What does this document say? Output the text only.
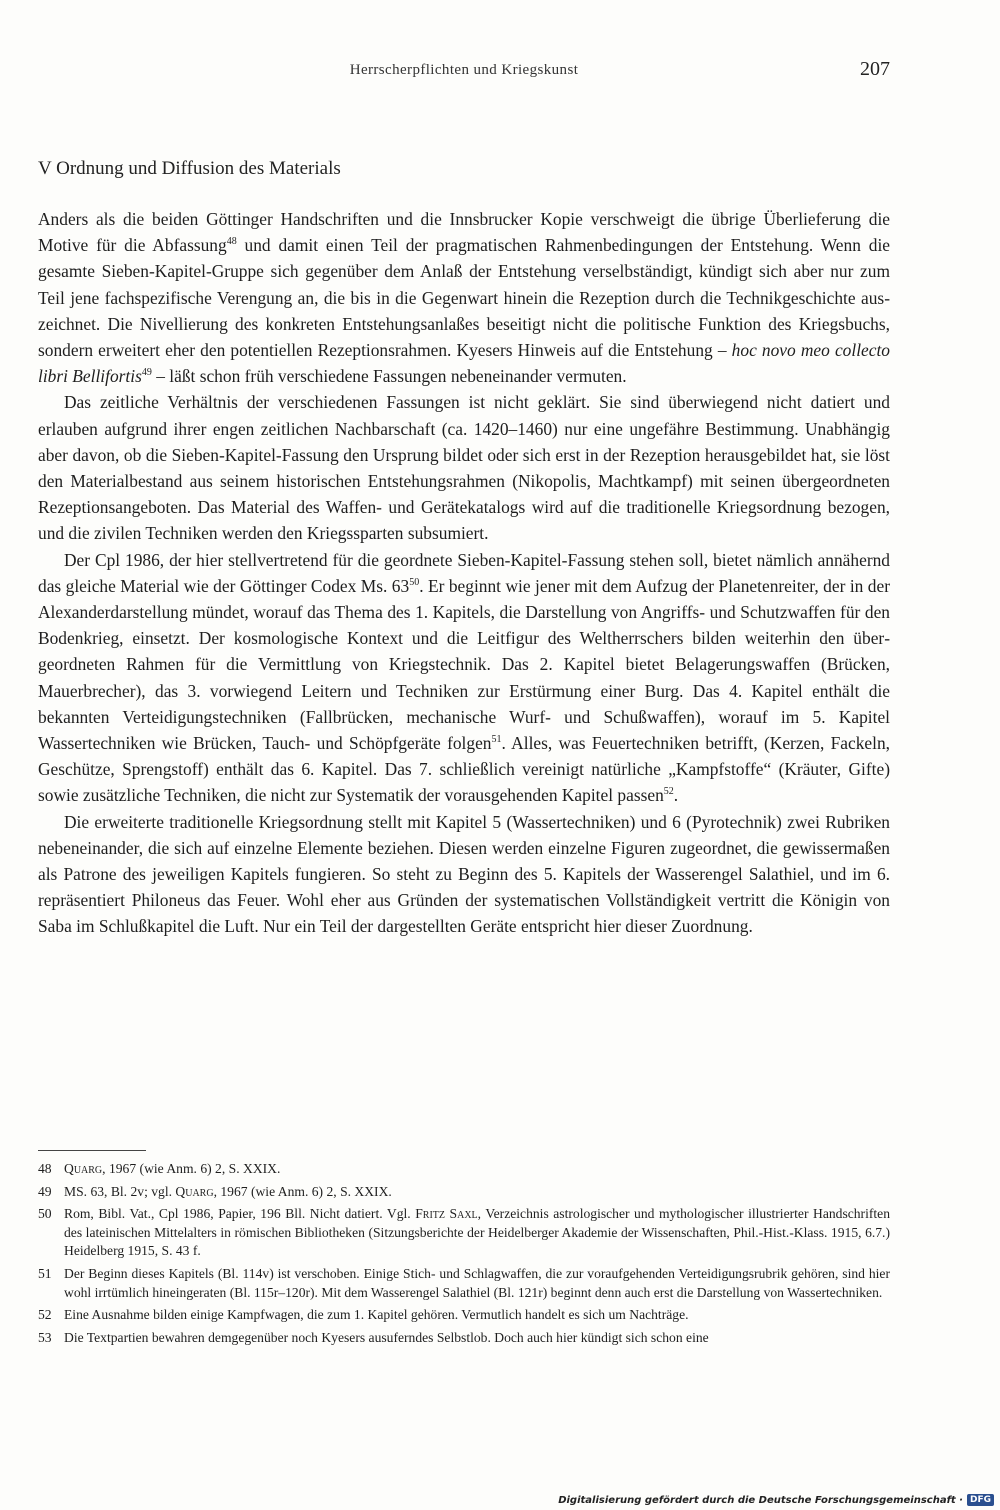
Herrscherpflichten und Kriegskunst	207
V Ordnung und Diffusion des Materials

Anders als die beiden Göttinger Handschriften und die Innsbrucker Kopie verschweigt die übrige Überlieferung die Motive für die Abfassung$^{48}$ und damit einen Teil der pragmatischen Rahmenbedingungen der Entstehung. Wenn die gesamte Sieben-Kapitel-Gruppe sich gegenüber dem Anlaß der Entstehung verselbständigt, kündigt sich aber nur zum Teil jene fachspezifische Verengung an, die bis in die Gegenwart hinein die Rezeption durch die Technikgeschichte auszeichnet. Die Nivellierung des konkreten Entstehungsanlaßes beseitigt nicht die politische Funktion des Kriegsbuchs, sondern erweitert eher den potentiellen Rezeptionsrahmen. Kyesers Hinweis auf die Entstehung – hoc novo meo collecto libri Bellifortis$^{49}$ – läßt schon früh verschiedene Fassungen nebeneinander vermuten.

Das zeitliche Verhältnis der verschiedenen Fassungen ist nicht geklärt. Sie sind überwiegend nicht datiert und erlauben aufgrund ihrer engen zeitlichen Nachbarschaft (ca. 1420–1460) nur eine ungefähre Bestimmung. Unabhängig aber davon, ob die Sieben-Kapitel-Fassung den Ursprung bildet oder sich erst in der Rezeption herausgebildet hat, sie löst den Materialbestand aus seinem historischen Entstehungsrahmen (Nikopolis, Machtkampf) mit seinen übergeordneten Rezeptionsangeboten. Das Material des Waffen- und Gerätekatalogs wird auf die traditionelle Kriegsordnung bezogen, und die zivilen Techniken werden den Kriegssparten subsumiert.

Der Cpl 1986, der hier stellvertretend für die geordnete Sieben-Kapitel-Fassung stehen soll, bietet nämlich annähernd das gleiche Material wie der Göttinger Codex Ms. $63^{50}$. Er beginnt wie jener mit dem Aufzug der Planetenreiter, der in der Alexanderdarstellung mündet, worauf das Thema des 1. Kapitels, die Darstellung von Angriffs- und Schutzwaffen für den Bodenkrieg, einsetzt. Der kosmologische Kontext und die Leitfigur des Weltherrschers bilden weiterhin den übergeordneten Rahmen für die Vermittlung von Kriegstechnik. Das 2. Kapitel bietet Belagerungswaffen (Brücken, Mauerbrecher), das 3. vorwiegend Leitern und Techniken zur Erstürmung einer Burg. Das 4. Kapitel enthält die bekannten Verteidigungstechniken (Fallbrücken, mechanische Wurf- und Schußwaffen), worauf im 5. Kapitel Wassertechniken wie Brücken, Tauch- und Schöpfgeräte folgen$^{51}$. Alles, was Feuertechniken betrifft, (Kerzen, Fackeln, Geschütze, Sprengstoff) enthält das 6. Kapitel. Das 7. schließlich vereinigt natürliche „Kampfstoffe“ (Kräuter, Gifte) sowie zusätzliche Techniken, die nicht zur Systematik der vorausgehenden Kapitel passen$^{52}$.

Die erweiterte traditionelle Kriegsordnung stellt mit Kapitel 5 (Wassertechniken) und 6 (Pyrotechnik) zwei Rubriken nebeneinander, die sich auf einzelne Elemente beziehen. Diesen werden einzelne Figuren zugeordnet, die gewissermaßen als Patrone des jeweiligen Kapitels fungieren. So steht zu Beginn des 5. Kapitels der Wasserengel Salathiel, und im 6. repräsentiert Philoneus das Feuer. Wohl eher aus Gründen der systematischen Vollständigkeit vertritt die Königin von Saba im Schlußkapitel die Luft. Nur ein Teil der dargestellten Geräte entspricht hier dieser Zuordnung.

48 Quarg, 1967 (wie Anm. 6) 2, S. XXIX.
49 MS. 63, Bl. 2v; vgl. Quarg, 1967 (wie Anm. 6) 2, S. XXIX.
50 Rom, Bibl. Vat., Cpl 1986, Papier, 196 Bll. Nicht datiert. Vgl. Fritz Saxl, Verzeichnis astrologischer und mythologischer illustrierter Handschriften des lateinischen Mittelalters in römischen Bibliotheken (Sitzungsberichte der Heidelberger Akademie der Wissenschaften, Phil.-Hist.-Klass. 1915, 6.7.) Heidelberg 1915, S. 43 f.
51 Der Beginn dieses Kapitels (Bl. 114v) ist verschoben. Einige Stich- und Schlagwaffen, die zur voraufgehenden Verteidigungsrubrik gehören, sind hier wohl irrtümlich hineingeraten (Bl. 115r–120r). Mit dem Wasserengel Salathiel (Bl. 121r) beginnt denn auch erst die Darstellung von Wassertechniken.
52 Eine Ausnahme bilden einige Kampfwagen, die zum 1. Kapitel gehören. Vermutlich handelt es sich um Nachträge.
53 Die Textpartien bewahren demgegenüber noch Kyesers ausuferndes Selbstlob. Doch auch hier kündigt sich schon eine
Digitalisierung gefördert durch die Deutsche Forschungsgemeinschaft · DFG
